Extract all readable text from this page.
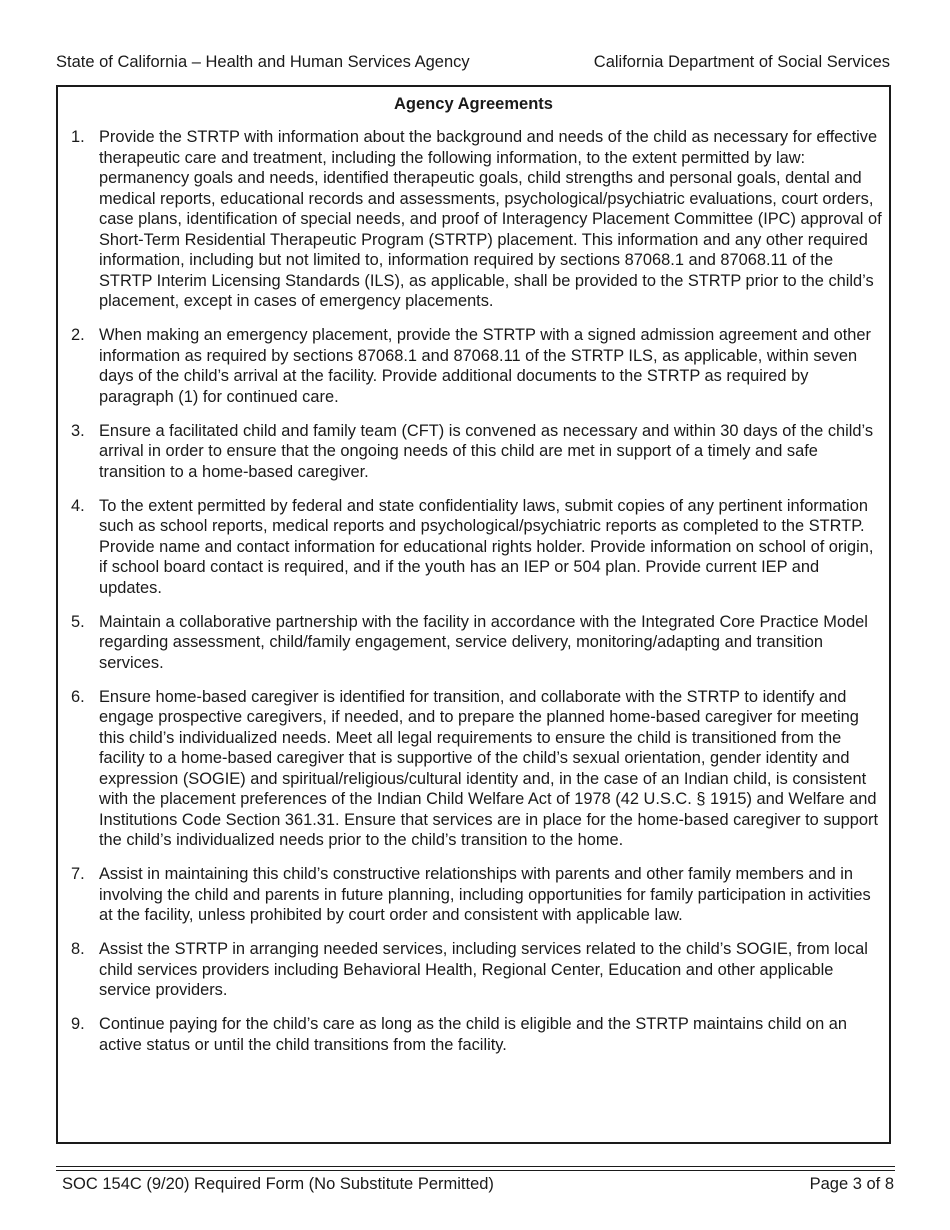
State of California – Health and Human Services Agency	California Department of Social Services
Agency Agreements
1. Provide the STRTP with information about the background and needs of the child as necessary for effective therapeutic care and treatment, including the following information, to the extent permitted by law: permanency goals and needs, identified therapeutic goals, child strengths and personal goals, dental and medical reports, educational records and assessments, psychological/psychiatric evaluations, court orders, case plans, identification of special needs, and proof of Interagency Placement Committee (IPC) approval of Short-Term Residential Therapeutic Program (STRTP) placement. This information and any other required information, including but not limited to, information required by sections 87068.1 and 87068.11 of the STRTP Interim Licensing Standards (ILS), as applicable, shall be provided to the STRTP prior to the child’s placement, except in cases of emergency placements.
2. When making an emergency placement, provide the STRTP with a signed admission agreement and other information as required by sections 87068.1 and 87068.11 of the STRTP ILS, as applicable, within seven days of the child’s arrival at the facility. Provide additional documents to the STRTP as required by paragraph (1) for continued care.
3. Ensure a facilitated child and family team (CFT) is convened as necessary and within 30 days of the child’s arrival in order to ensure that the ongoing needs of this child are met in support of a timely and safe transition to a home-based caregiver.
4. To the extent permitted by federal and state confidentiality laws, submit copies of any pertinent information such as school reports, medical reports and psychological/psychiatric reports as completed to the STRTP. Provide name and contact information for educational rights holder. Provide information on school of origin, if school board contact is required, and if the youth has an IEP or 504 plan. Provide current IEP and updates.
5. Maintain a collaborative partnership with the facility in accordance with the Integrated Core Practice Model regarding assessment, child/family engagement, service delivery, monitoring/adapting and transition services.
6. Ensure home-based caregiver is identified for transition, and collaborate with the STRTP to identify and engage prospective caregivers, if needed, and to prepare the planned home-based caregiver for meeting this child’s individualized needs. Meet all legal requirements to ensure the child is transitioned from the facility to a home-based caregiver that is supportive of the child’s sexual orientation, gender identity and expression (SOGIE) and spiritual/religious/cultural identity and, in the case of an Indian child, is consistent with the placement preferences of the Indian Child Welfare Act of 1978 (42 U.S.C. § 1915) and Welfare and Institutions Code Section 361.31. Ensure that services are in place for the home-based caregiver to support the child’s individualized needs prior to the child’s transition to the home.
7. Assist in maintaining this child’s constructive relationships with parents and other family members and in involving the child and parents in future planning, including opportunities for family participation in activities at the facility, unless prohibited by court order and consistent with applicable law.
8. Assist the STRTP in arranging needed services, including services related to the child’s SOGIE, from local child services providers including Behavioral Health, Regional Center, Education and other applicable service providers.
9. Continue paying for the child’s care as long as the child is eligible and the STRTP maintains child on an active status or until the child transitions from the facility.
SOC 154C (9/20) Required Form (No Substitute Permitted)	Page 3 of 8
